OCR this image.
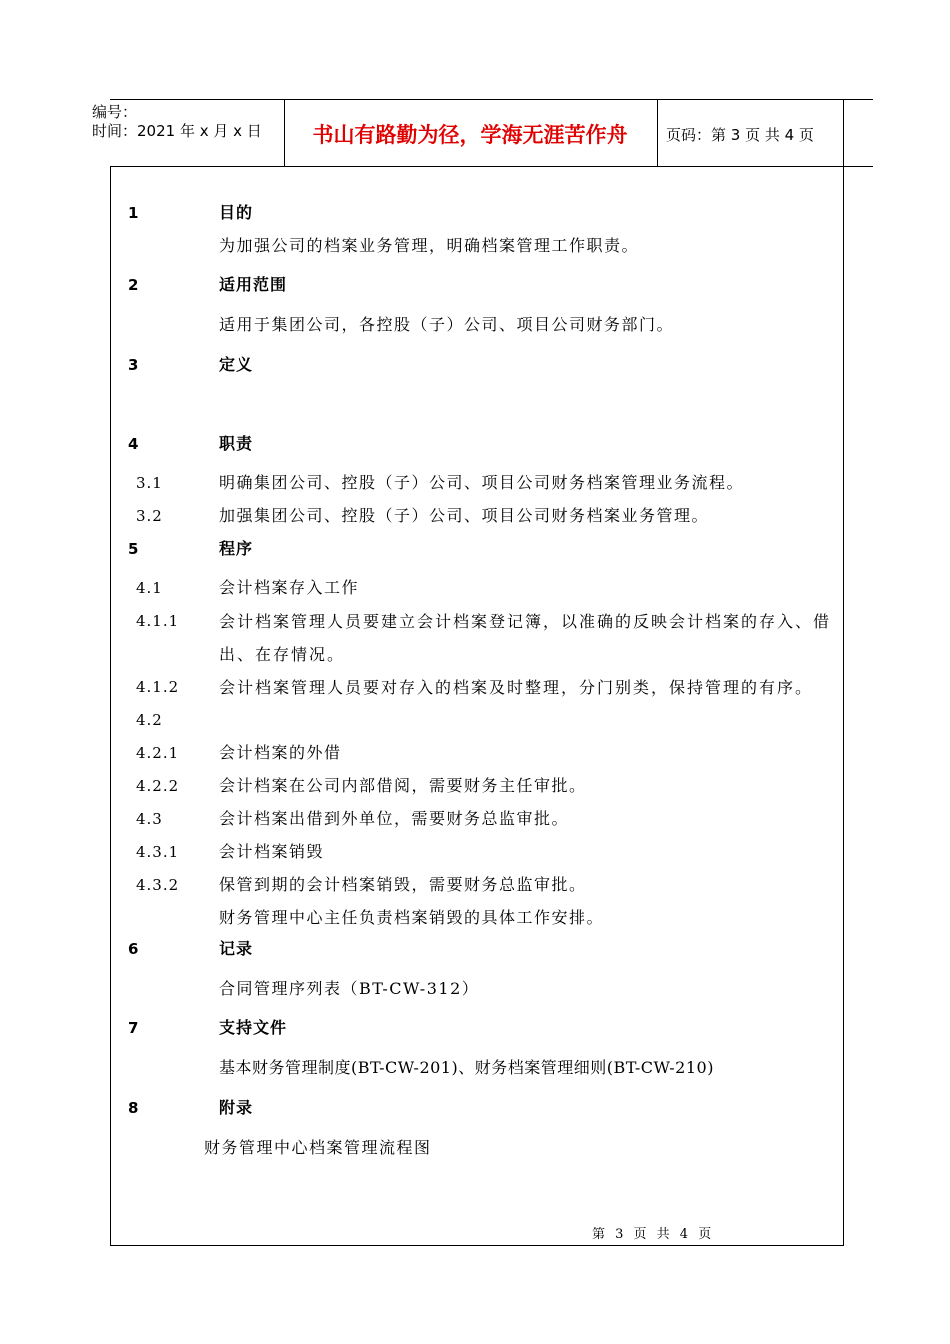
编号：
时间：2021 年 x 月 x 日	书山有路勤为径，学海无涯苦作舟	页码：第 3 页 共 4 页
1	目的
为加强公司的档案业务管理，明确档案管理工作职责。
2	适用范围
适用于集团公司，各控股（子）公司、项目公司财务部门。
3	定义
4	职责
3.1	明确集团公司、控股（子）公司、项目公司财务档案管理业务流程。
3.2	加强集团公司、控股（子）公司、项目公司财务档案业务管理。
5	程序
4.1	会计档案存入工作
4.1.1 会计档案管理人员要建立会计档案登记簿，以准确的反映会计档案的存入、借出、在存情况。
4.1.2 会计档案管理人员要对存入的档案及时整理，分门别类，保持管理的有序。
4.2
4.2.1 会计档案的外借
4.2.2 会计档案在公司内部借阅，需要财务主任审批。
4.3	会计档案出借到外单位，需要财务总监审批。
4.3.1 会计档案销毁
4.3.2 保管到期的会计档案销毁，需要财务总监审批。
财务管理中心主任负责档案销毁的具体工作安排。
6	记录
合同管理序列表（BT-CW-312）
7	支持文件
基本财务管理制度(BT-CW-201)、财务档案管理细则(BT-CW-210)
8	附录
财务管理中心档案管理流程图
第 3 页 共 4 页
